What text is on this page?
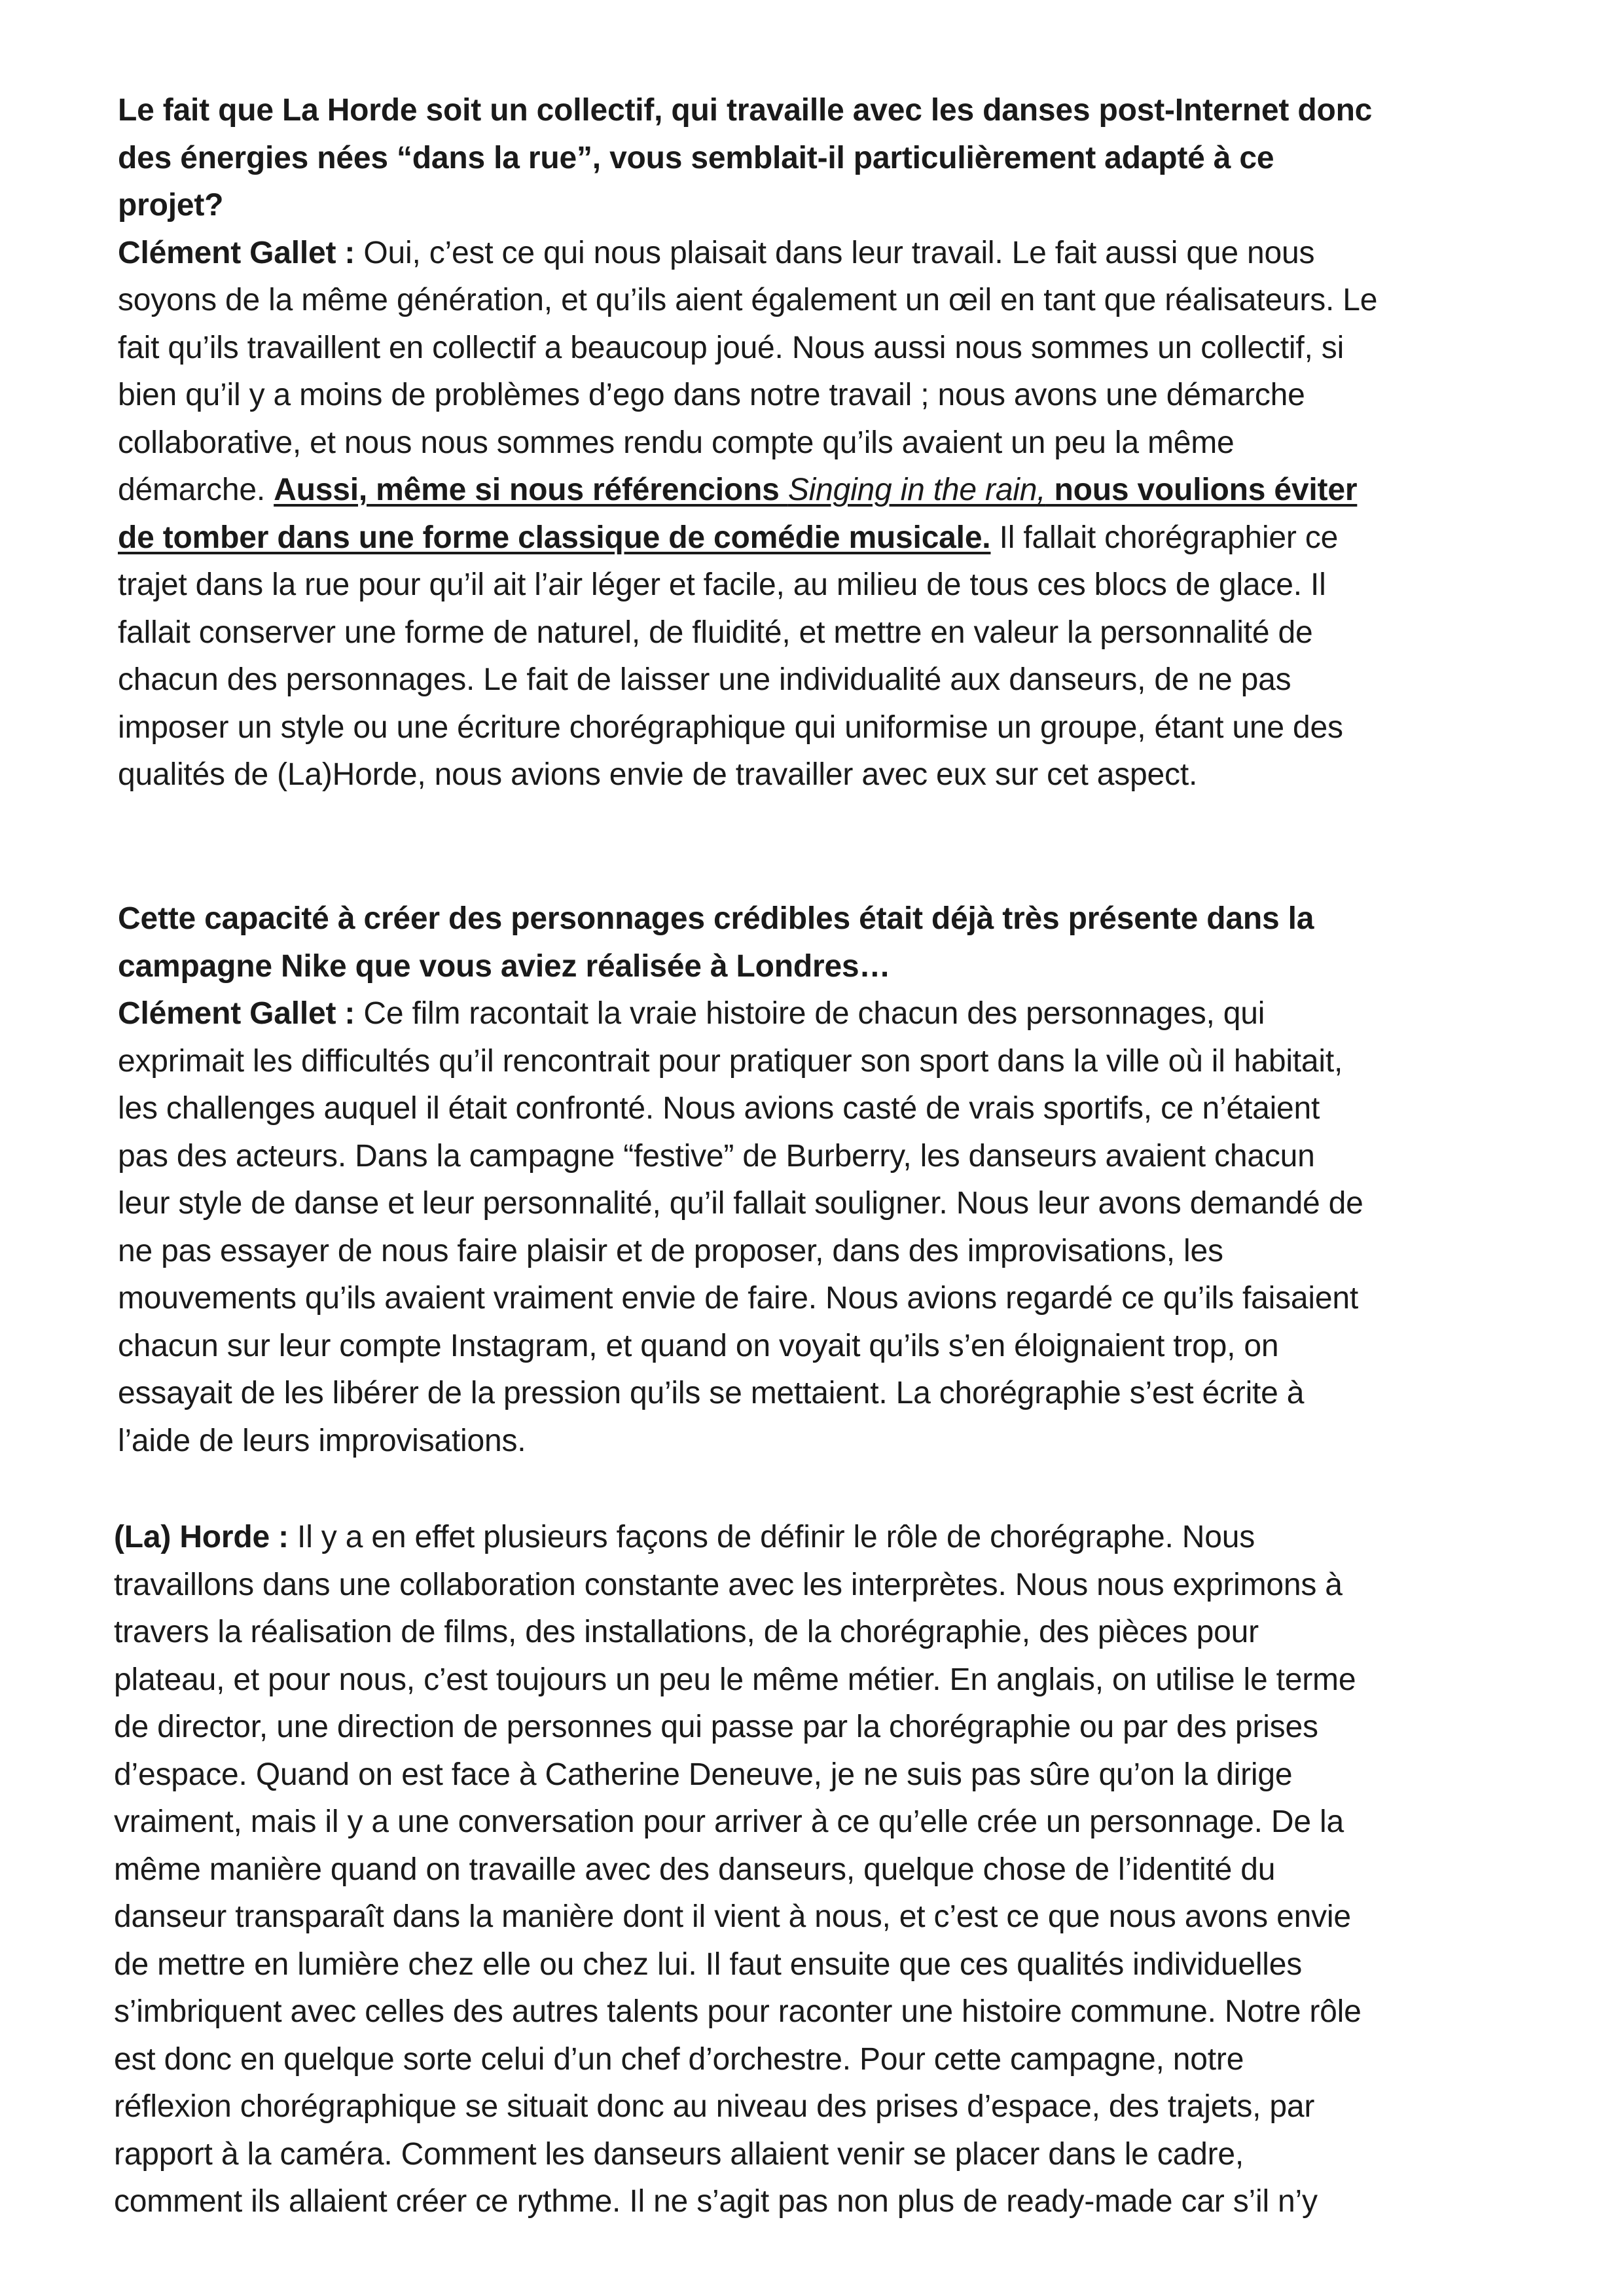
Le fait que La Horde soit un collectif, qui travaille avec les danses post-Internet donc
des énergies nées “dans la rue”, vous semblait-il particulièrement adapté à ce
projet?
Clément Gallet : Oui, c’est ce qui nous plaisait dans leur travail. Le fait aussi que nous
soyons de la même génération, et qu’ils aient également un œil en tant que réalisateurs. Le
fait qu’ils travaillent en collectif a beaucoup joué. Nous aussi nous sommes un collectif, si
bien qu’il y a moins de problèmes d’ego dans notre travail ; nous avons une démarche
collaborative, et nous nous sommes rendu compte qu’ils avaient un peu la même
démarche. Aussi, même si nous référencions Singing in the rain, nous voulions éviter
de tomber dans une forme classique de comédie musicale. Il fallait chorégraphier ce
trajet dans la rue pour qu’il ait l’air léger et facile, au milieu de tous ces blocs de glace. Il
fallait conserver une forme de naturel, de fluidité, et mettre en valeur la personnalité de
chacun des personnages. Le fait de laisser une individualité aux danseurs, de ne pas
imposer un style ou une écriture chorégraphique qui uniformise un groupe, étant une des
qualités de (La)Horde, nous avions envie de travailler avec eux sur cet aspect.
Cette capacité à créer des personnages crédibles était déjà très présente dans la
campagne Nike que vous aviez réalisée à Londres…
Clément Gallet : Ce film racontait la vraie histoire de chacun des personnages, qui
exprimait les difficultés qu’il rencontrait pour pratiquer son sport dans la ville où il habitait,
les challenges auquel il était confronté. Nous avions casté de vrais sportifs, ce n’étaient
pas des acteurs. Dans la campagne “festive” de Burberry, les danseurs avaient chacun
leur style de danse et leur personnalité, qu’il fallait souligner. Nous leur avons demandé de
ne pas essayer de nous faire plaisir et de proposer, dans des improvisations, les
mouvements qu’ils avaient vraiment envie de faire. Nous avions regardé ce qu’ils faisaient
chacun sur leur compte Instagram, et quand on voyait qu’ils s’en éloignaient trop, on
essayait de les libérer de la pression qu’ils se mettaient. La chorégraphie s’est écrite à
l’aide de leurs improvisations.
(La) Horde : Il y a en effet plusieurs façons de définir le rôle de chorégraphe. Nous
travaillons dans une collaboration constante avec les interprètes. Nous nous exprimons à
travers la réalisation de films, des installations, de la chorégraphie, des pièces pour
plateau, et pour nous, c’est toujours un peu le même métier. En anglais, on utilise le terme
de director, une direction de personnes qui passe par la chorégraphie ou par des prises
d’espace. Quand on est face à Catherine Deneuve, je ne suis pas sûre qu’on la dirige
vraiment, mais il y a une conversation pour arriver à ce qu’elle crée un personnage. De la
même manière quand on travaille avec des danseurs, quelque chose de l’identité du
danseur transparaît dans la manière dont il vient à nous, et c’est ce que nous avons envie
de mettre en lumière chez elle ou chez lui. Il faut ensuite que ces qualités individuelles
s’imbriquent avec celles des autres talents pour raconter une histoire commune. Notre rôle
est donc en quelque sorte celui d’un chef d’orchestre. Pour cette campagne, notre
réflexion chorégraphique se situait donc au niveau des prises d’espace, des trajets, par
rapport à la caméra. Comment les danseurs allaient venir se placer dans le cadre,
comment ils allaient créer ce rythme. Il ne s’agit pas non plus de ready-made car s’il n’y
